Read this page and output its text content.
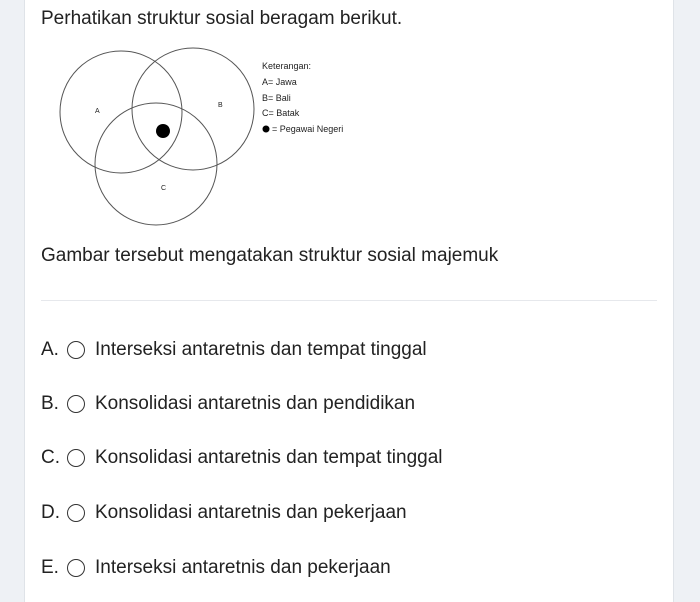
Perhatikan struktur sosial beragam berikut.
A
B
C
Keterangan:
A= Jawa
B= Bali
C= Batak
= Pegawai Negeri
Gambar tersebut mengatakan struktur sosial majemuk
A.	Interseksi antaretnis dan tempat tinggal
B.	Konsolidasi antaretnis dan pendidikan
C.	Konsolidasi antaretnis dan tempat tinggal
D.	Konsolidasi antaretnis dan pekerjaan
E.	Interseksi antaretnis dan pekerjaan
